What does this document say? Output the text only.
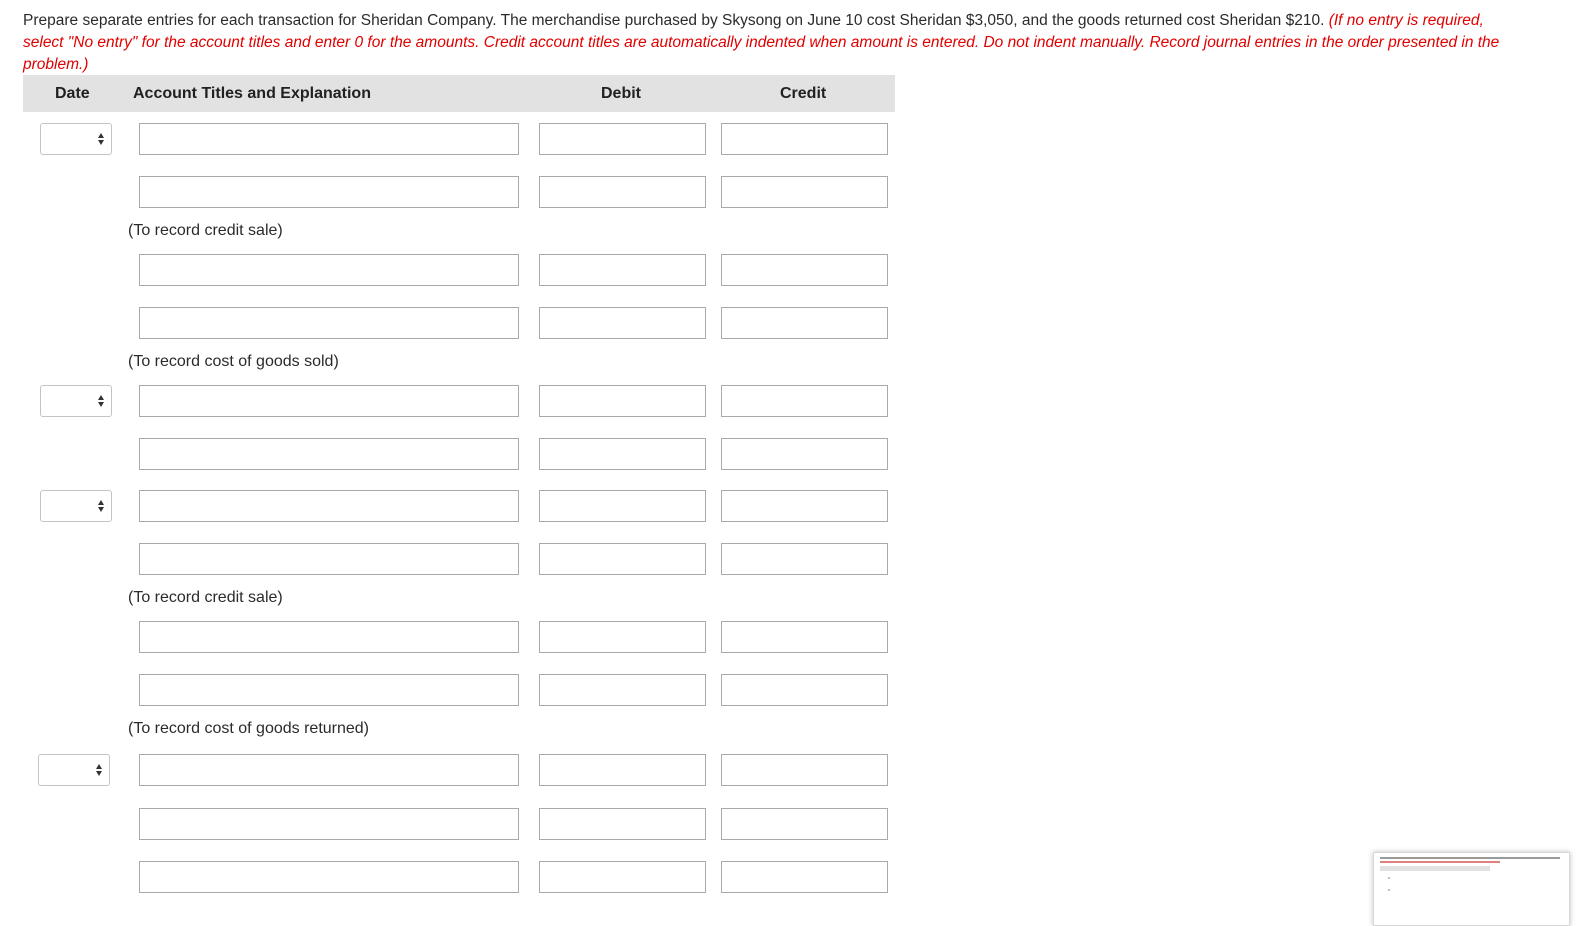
Prepare separate entries for each transaction for Sheridan Company. The merchandise purchased by Skysong on June 10 cost Sheridan $3,050, and the goods returned cost Sheridan $210. (If no entry is required, select "No entry" for the account titles and enter 0 for the amounts. Credit account titles are automatically indented when amount is entered. Do not indent manually. Record journal entries in the order presented in the problem.)
Date	Account Titles and Explanation	Debit	Credit
(To record credit sale)
(To record cost of goods sold)
(To record credit sale)
(To record cost of goods returned)
